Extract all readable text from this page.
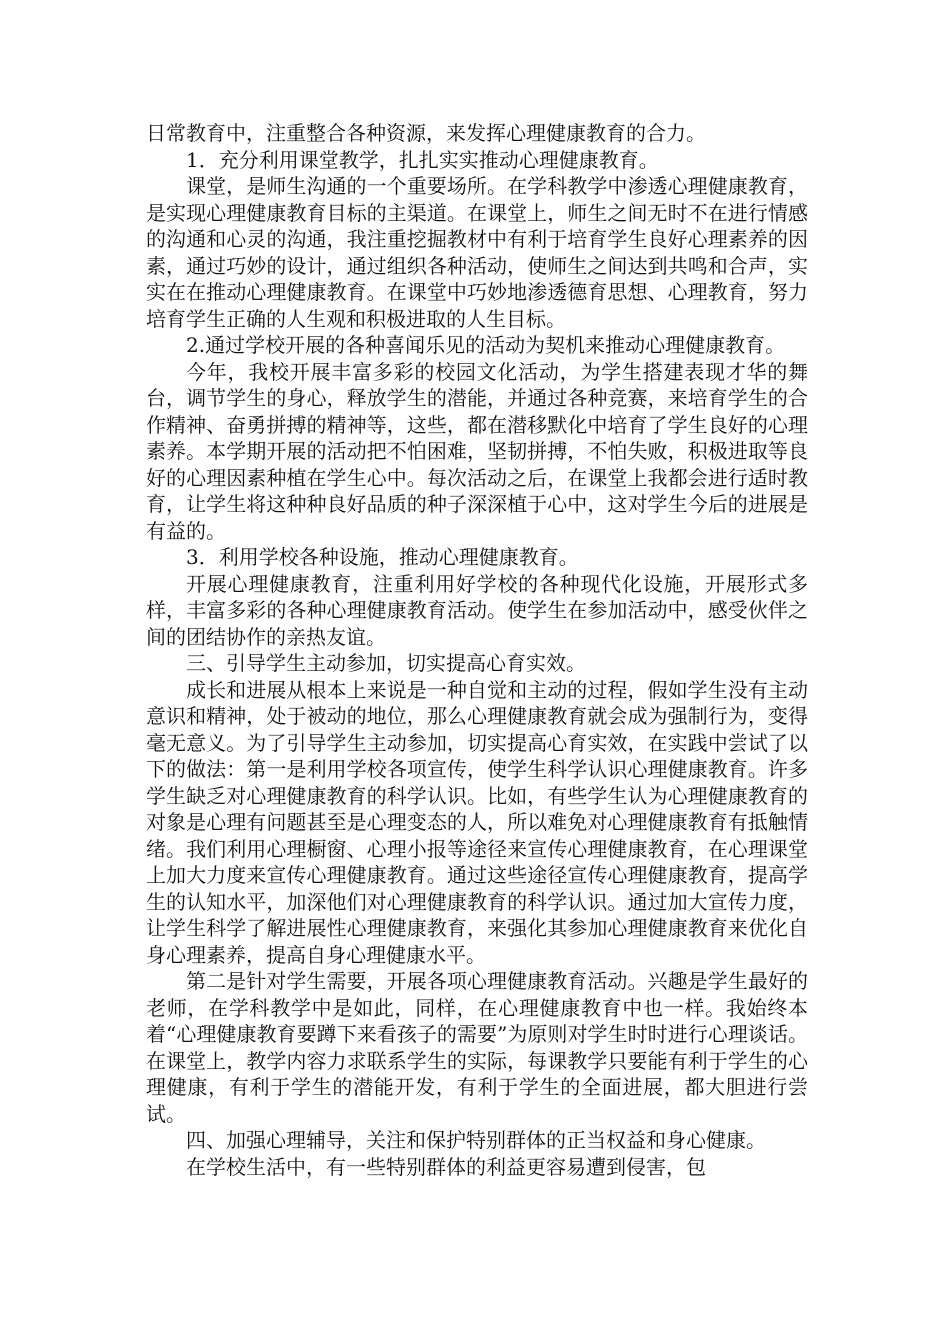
日常教育中，注重整合各种资源，来发挥心理健康教育的合力。

1．充分利用课堂教学，扎扎实实推动心理健康教育。

课堂，是师生沟通的一个重要场所。在学科教学中渗透心理健康教育，是实现心理健康教育目标的主渠道。在课堂上，师生之间无时不在进行情感的沟通和心灵的沟通，我注重挖掘教材中有利于培育学生良好心理素养的因素，通过巧妙的设计，通过组织各种活动，使师生之间达到共鸣和合声，实实在在推动心理健康教育。在课堂中巧妙地渗透德育思想、心理教育，努力培育学生正确的人生观和积极进取的人生目标。

2.通过学校开展的各种喜闻乐见的活动为契机来推动心理健康教育。

今年，我校开展丰富多彩的校园文化活动，为学生搭建表现才华的舞台，调节学生的身心，释放学生的潜能，并通过各种竞赛，来培育学生的合作精神、奋勇拼搏的精神等，这些，都在潜移默化中培育了学生良好的心理素养。本学期开展的活动把不怕困难，坚韧拼搏，不怕失败，积极进取等良好的心理因素种植在学生心中。每次活动之后，在课堂上我都会进行适时教育，让学生将这种种良好品质的种子深深植于心中，这对学生今后的进展是有益的。

3．利用学校各种设施，推动心理健康教育。

开展心理健康教育，注重利用好学校的各种现代化设施，开展形式多样，丰富多彩的各种心理健康教育活动。使学生在参加活动中，感受伙伴之间的团结协作的亲热友谊。

三、引导学生主动参加，切实提高心育实效。

成长和进展从根本上来说是一种自觉和主动的过程，假如学生没有主动意识和精神，处于被动的地位，那么心理健康教育就会成为强制行为，变得毫无意义。为了引导学生主动参加，切实提高心育实效，在实践中尝试了以下的做法：第一是利用学校各项宣传，使学生科学认识心理健康教育。许多学生缺乏对心理健康教育的科学认识。比如，有些学生认为心理健康教育的对象是心理有问题甚至是心理变态的人，所以难免对心理健康教育有抵触情绪。我们利用心理橱窗、心理小报等途径来宣传心理健康教育，在心理课堂上加大力度来宣传心理健康教育。通过这些途径宣传心理健康教育，提高学生的认知水平，加深他们对心理健康教育的科学认识。通过加大宣传力度，让学生科学了解进展性心理健康教育，来强化其参加心理健康教育来优化自身心理素养，提高自身心理健康水平。

第二是针对学生需要，开展各项心理健康教育活动。兴趣是学生最好的老师，在学科教学中是如此，同样，在心理健康教育中也一样。我始终本着“心理健康教育要蹲下来看孩子的需要”为原则对学生时时进行心理谈话。在课堂上，教学内容力求联系学生的实际，每课教学只要能有利于学生的心理健康，有利于学生的潜能开发，有利于学生的全面进展，都大胆进行尝试。

四、加强心理辅导，关注和保护特别群体的正当权益和身心健康。

在学校生活中，有一些特别群体的利益更容易遭到侵害，包
